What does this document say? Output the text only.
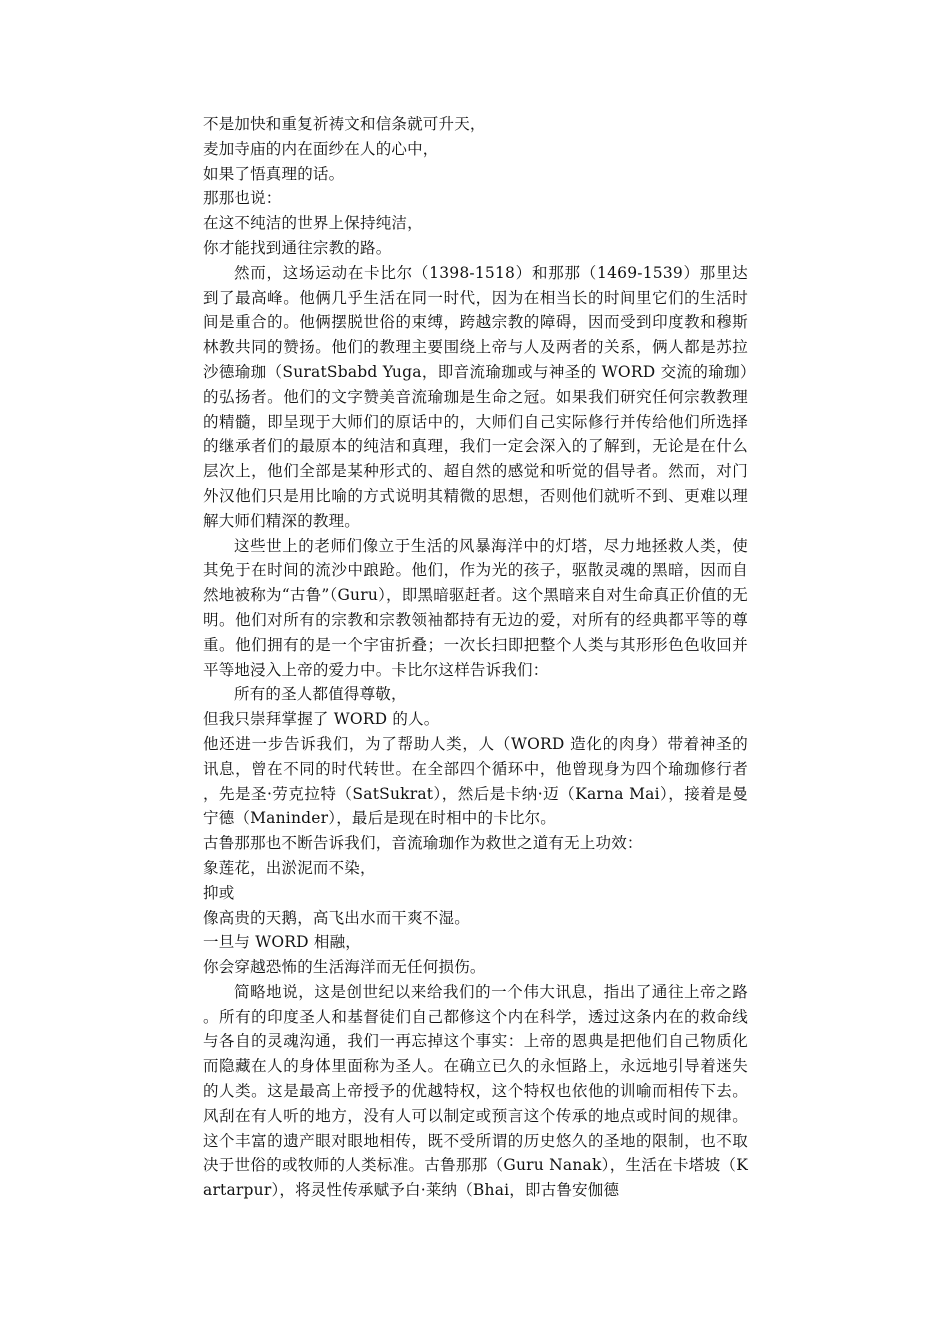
不是加快和重复祈祷文和信条就可升天，
麦加寺庙的内在面纱在人的心中，
如果了悟真理的话。
那那也说：
在这不纯洁的世界上保持纯洁，
你才能找到通往宗教的路。
然而，这场运动在卡比尔（1398-1518）和那那（1469-1539）那里达到了最高峰。他俩几乎生活在同一时代，因为在相当长的时间里它们的生活时间是重合的。他俩摆脱世俗的束缚，跨越宗教的障碍，因而受到印度教和穆斯林教共同的赞扬。他们的教理主要围绕上帝与人及两者的关系，俩人都是苏拉沙德瑜珈（SuratSbabd Yuga，即音流瑜珈或与神圣的 WORD 交流的瑜珈）的弘扬者。他们的文字赞美音流瑜珈是生命之冠。如果我们研究任何宗教教理的精髓，即呈现于大师们的原话中的，大师们自己实际修行并传给他们所选择的继承者们的最原本的纯洁和真理，我们一定会深入的了解到，无论是在什么层次上，他们全部是某种形式的、超自然的感觉和听觉的倡导者。然而，对门外汉他们只是用比喻的方式说明其精微的思想，否则他们就听不到、更难以理解大师们精深的教理。
这些世上的老师们像立于生活的风暴海洋中的灯塔，尽力地拯救人类，使其免于在时间的流沙中踉跄。他们，作为光的孩子，驱散灵魂的黑暗，因而自然地被称为“古鲁”（Guru），即黑暗驱赶者。这个黑暗来自对生命真正价值的无明。他们对所有的宗教和宗教领袖都持有无边的爱，对所有的经典都平等的尊重。他们拥有的是一个宇宙折叠；一次长扫即把整个人类与其形形色色收回并平等地浸入上帝的爱力中。卡比尔这样告诉我们：
所有的圣人都值得尊敬，
但我只崇拜掌握了 WORD 的人。
他还进一步告诉我们，为了帮助人类，人（WORD 造化的肉身）带着神圣的讯息，曾在不同的时代转世。在全部四个循环中，他曾现身为四个瑜珈修行者，先是圣·劳克拉特（SatSukrat），然后是卡纳·迈（Karna Mai），接着是曼宁德（Maninder），最后是现在时相中的卡比尔。
古鲁那那也不断告诉我们，音流瑜珈作为救世之道有无上功效：
象莲花，出淤泥而不染，
抑或
像高贵的天鹅，高飞出水而干爽不湿。
一旦与 WORD 相融，
你会穿越恐怖的生活海洋而无任何损伤。
简略地说，这是创世纪以来给我们的一个伟大讯息，指出了通往上帝之路。所有的印度圣人和基督徒们自己都修这个内在科学，透过这条内在的救命线与各自的灵魂沟通，我们一再忘掉这个事实：上帝的恩典是把他们自己物质化而隐藏在人的身体里面称为圣人。在确立已久的永恒路上，永远地引导着迷失的人类。这是最高上帝授予的优越特权，这个特权也依他的训喻而相传下去。风刮在有人听的地方，没有人可以制定或预言这个传承的地点或时间的规律。这个丰富的遗产眼对眼地相传，既不受所谓的历史悠久的圣地的限制，也不取决于世俗的或牧师的人类标准。古鲁那那（Guru Nanak），生活在卡塔坡（Kartarpur），将灵性传承赋予白·莱纳（Bhai，即古鲁安伽德
